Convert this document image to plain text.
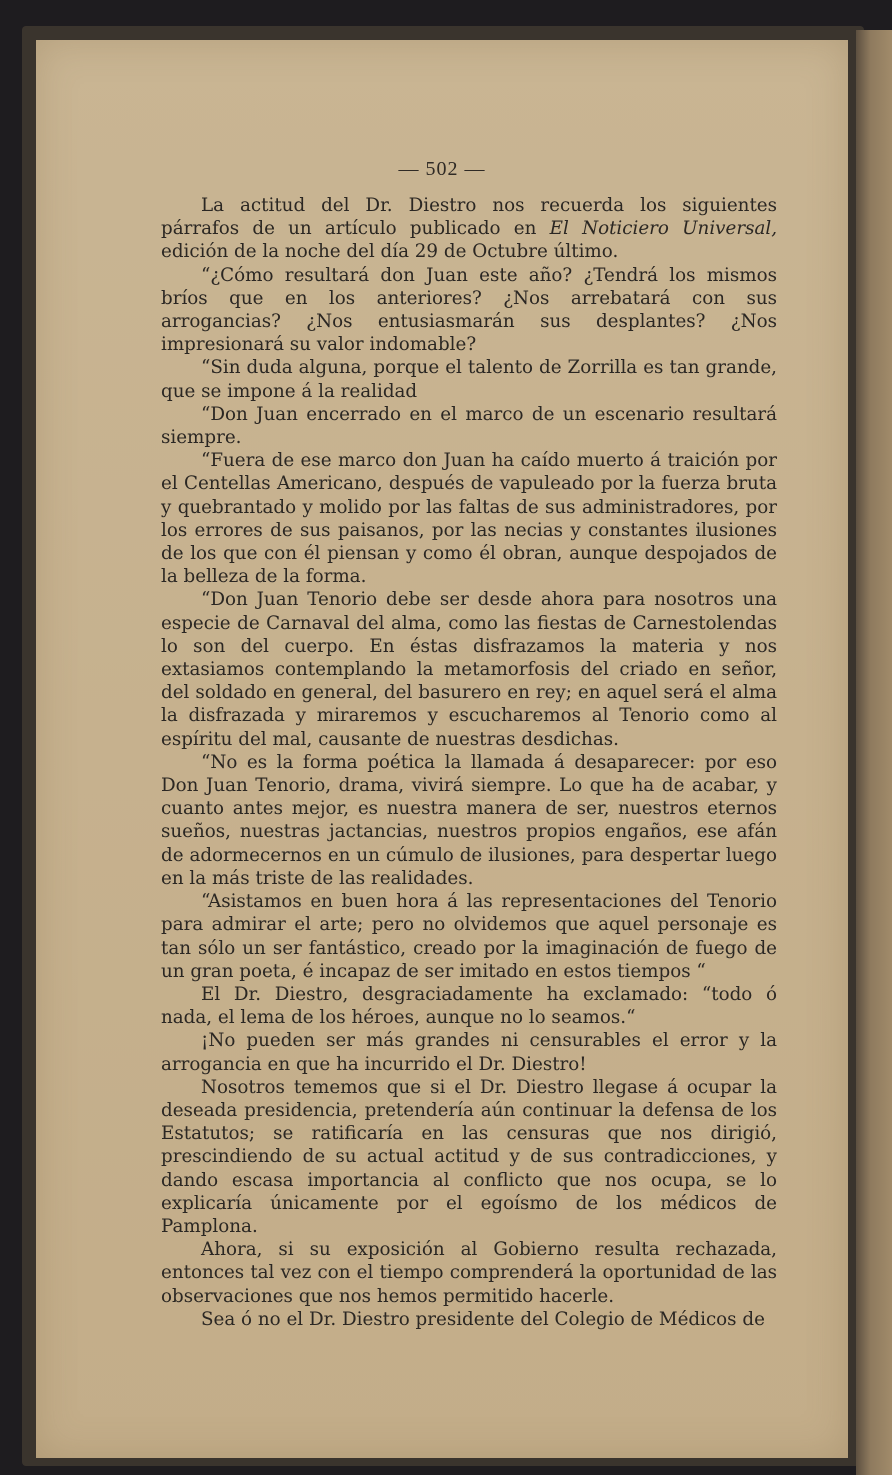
— 502 —

La actitud del Dr. Diestro nos recuerda los siguientes párrafos de un artículo publicado en El Noticiero Universal, edición de la noche del día 29 de Octubre último.

“¿Cómo resultará don Juan este año? ¿Tendrá los mismos bríos que en los anteriores? ¿Nos arrebatará con sus arrogancias? ¿Nos entusiasmarán sus desplantes? ¿Nos impresionará su valor indomable?

“Sin duda alguna, porque el talento de Zorrilla es tan grande, que se impone á la realidad

“Don Juan encerrado en el marco de un escenario resultará siempre.

“Fuera de ese marco don Juan ha caído muerto á traición por el Centellas Americano, después de vapuleado por la fuerza bruta y quebrantado y molido por las faltas de sus administradores, por los errores de sus paisanos, por las necias y constantes ilusiones de los que con él piensan y como él obran, aunque despojados de la belleza de la forma.

“Don Juan Tenorio debe ser desde ahora para nosotros una especie de Carnaval del alma, como las fiestas de Carnestolendas lo son del cuerpo. En éstas disfrazamos la materia y nos extasiamos contemplando la metamorfosis del criado en señor, del soldado en general, del basurero en rey; en aquel será el alma la disfrazada y miraremos y escucharemos al Tenorio como al espíritu del mal, causante de nuestras desdichas.

“No es la forma poética la llamada á desaparecer: por eso Don Juan Tenorio, drama, vivirá siempre. Lo que ha de acabar, y cuanto antes mejor, es nuestra manera de ser, nuestros eternos sueños, nuestras jactancias, nuestros propios engaños, ese afán de adormecernos en un cúmulo de ilusiones, para despertar luego en la más triste de las realidades.

“Asistamos en buen hora á las representaciones del Tenorio para admirar el arte; pero no olvidemos que aquel personaje es tan sólo un ser fantástico, creado por la imaginación de fuego de un gran poeta, é incapaz de ser imitado en estos tiempos “

El Dr. Diestro, desgraciadamente ha exclamado: “todo ó nada, el lema de los héroes, aunque no lo seamos.“

¡No pueden ser más grandes ni censurables el error y la arrogancia en que ha incurrido el Dr. Diestro!

Nosotros tememos que si el Dr. Diestro llegase á ocupar la deseada presidencia, pretendería aún continuar la defensa de los Estatutos; se ratificaría en las censuras que nos dirigió, prescindiendo de su actual actitud y de sus contradicciones, y dando escasa importancia al conflicto que nos ocupa, se lo explicaría únicamente por el egoísmo de los médicos de Pamplona.

Ahora, si su exposición al Gobierno resulta rechazada, entonces tal vez con el tiempo comprenderá la oportunidad de las observaciones que nos hemos permitido hacerle.

Sea ó no el Dr. Diestro presidente del Colegio de Médicos de
